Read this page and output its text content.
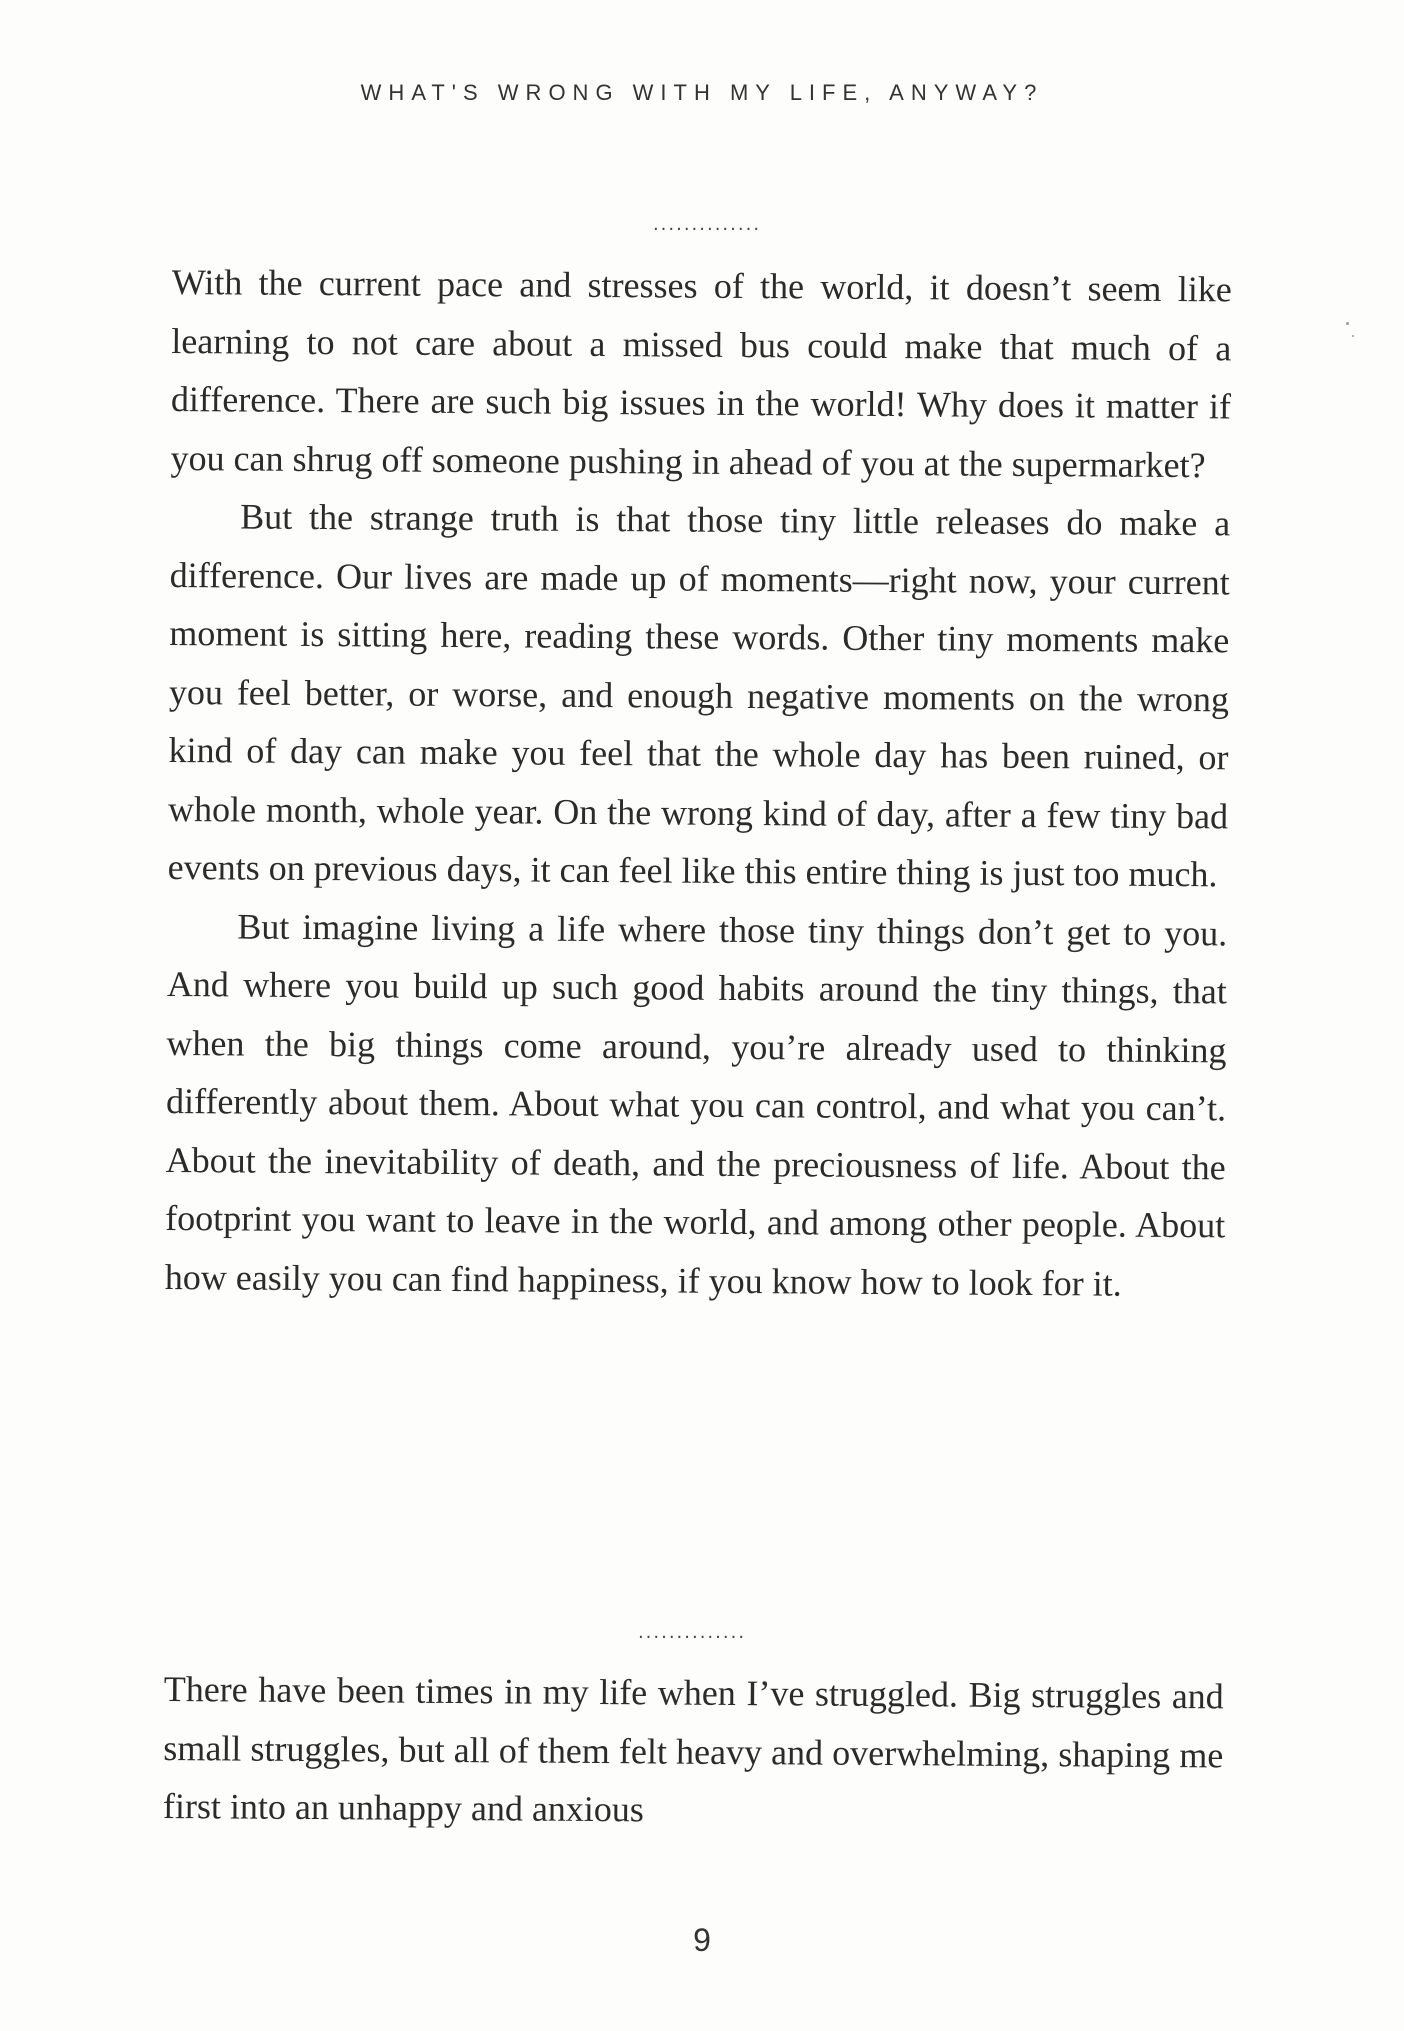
WHAT'S WRONG WITH MY LIFE, ANYWAY?
..............

With the current pace and stresses of the world, it doesn’t seem like learning to not care about a missed bus could make that much of a difference. There are such big issues in the world! Why does it matter if you can shrug off someone pushing in ahead of you at the supermarket?

But the strange truth is that those tiny little releases do make a difference. Our lives are made up of moments—right now, your current moment is sitting here, reading these words. Other tiny moments make you feel better, or worse, and enough negative moments on the wrong kind of day can make you feel that the whole day has been ruined, or whole month, whole year. On the wrong kind of day, after a few tiny bad events on previous days, it can feel like this entire thing is just too much.

But imagine living a life where those tiny things don’t get to you. And where you build up such good habits around the tiny things, that when the big things come around, you’re already used to thinking differently about them. About what you can control, and what you can’t. About the inevitability of death, and the preciousness of life. About the footprint you want to leave in the world, and among other people. About how easily you can find happiness, if you know how to look for it.

..............

There have been times in my life when I’ve struggled. Big struggles and small struggles, but all of them felt heavy and overwhelming, shaping me first into an unhappy and anxious

9
